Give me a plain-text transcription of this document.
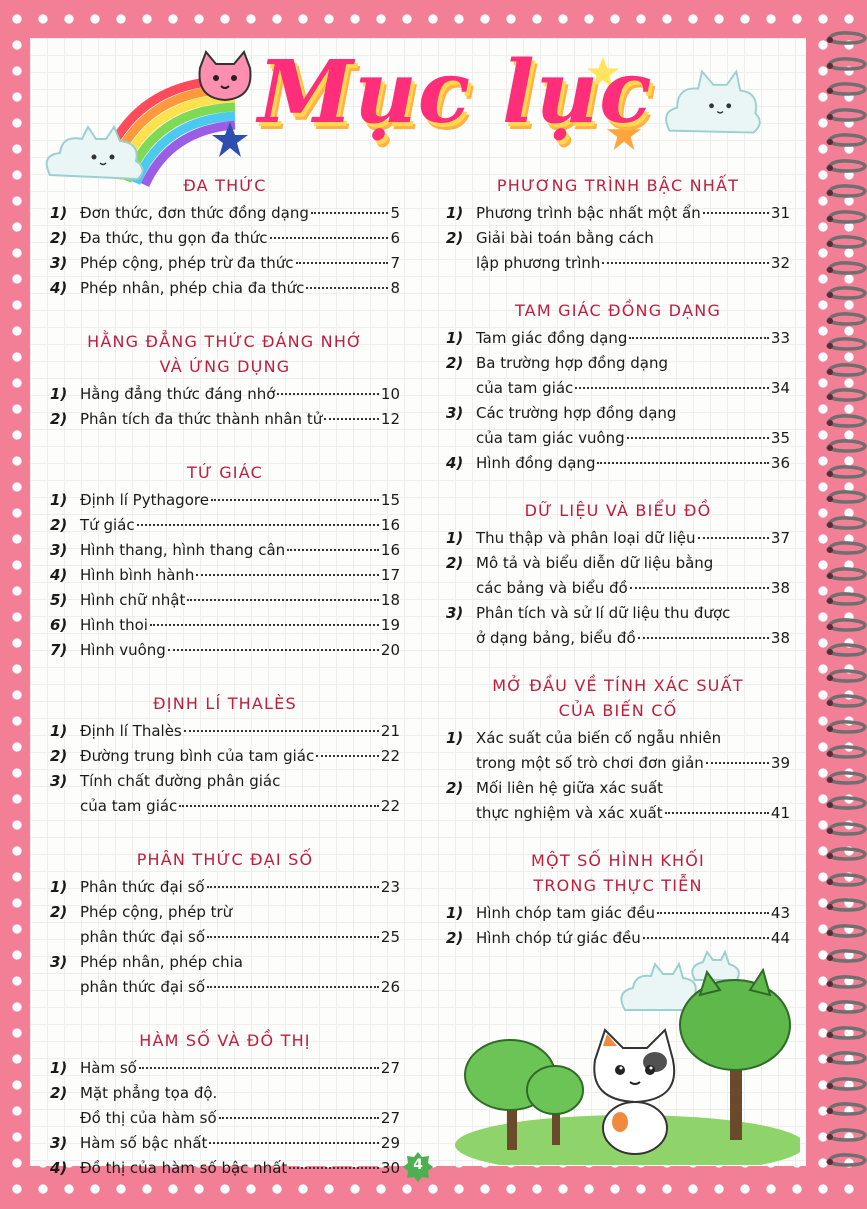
Mục lục
ĐA THỨC
1) Đơn thức, đơn thức đồng dạng	5
2) Đa thức, thu gọn đa thức	6
3) Phép cộng, phép trừ đa thức	7
4) Phép nhân, phép chia đa thức	8
HẰNG ĐẲNG THỨC ĐÁNG NHỚ
VÀ ỨNG DỤNG
1) Hằng đẳng thức đáng nhớ	10
2) Phân tích đa thức thành nhân tử	12
TỨ GIÁC
1) Định lí Pythagore	15
2) Tứ giác	16
3) Hình thang, hình thang cân	16
4) Hình bình hành	17
5) Hình chữ nhật	18
6) Hình thoi	19
7) Hình vuông	20
ĐỊNH LÍ THALÈS
1) Định lí Thalès	21
2) Đường trung bình của tam giác	22
3) Tính chất đường phân giác
của tam giác	22
PHÂN THỨC ĐẠI SỐ
1) Phân thức đại số	23
2) Phép cộng, phép trừ
phân thức đại số	25
3) Phép nhân, phép chia
phân thức đại số	26
HÀM SỐ VÀ ĐỒ THỊ
1) Hàm số	27
2) Mặt phẳng tọa độ.
Đồ thị của hàm số	27
3) Hàm số bậc nhất	29
4) Đồ thị của hàm số bậc nhất	30
PHƯƠNG TRÌNH BẬC NHẤT
1) Phương trình bậc nhất một ẩn	31
2) Giải bài toán bằng cách
lập phương trình	32
TAM GIÁC ĐỒNG DẠNG
1) Tam giác đồng dạng	33
2) Ba trường hợp đồng dạng
của tam giác	34
3) Các trường hợp đồng dạng
của tam giác vuông	35
4) Hình đồng dạng	36
DỮ LIỆU VÀ BIỂU ĐỒ
1) Thu thập và phân loại dữ liệu	37
2) Mô tả và biểu diễn dữ liệu bằng
các bảng và biểu đồ	38
3) Phân tích và sử lí dữ liệu thu được
ở dạng bảng, biểu đồ	38
MỞ ĐẦU VỀ TÍNH XÁC SUẤT
CỦA BIẾN CỐ
1) Xác suất của biến cố ngẫu nhiên
trong một số trò chơi đơn giản	39
2) Mối liên hệ giữa xác suất
thực nghiệm và xác xuất	41
MỘT SỐ HÌNH KHỐI
TRONG THỰC TIỄN
1) Hình chóp tam giác đều	43
2) Hình chóp tứ giác đều	44
4
